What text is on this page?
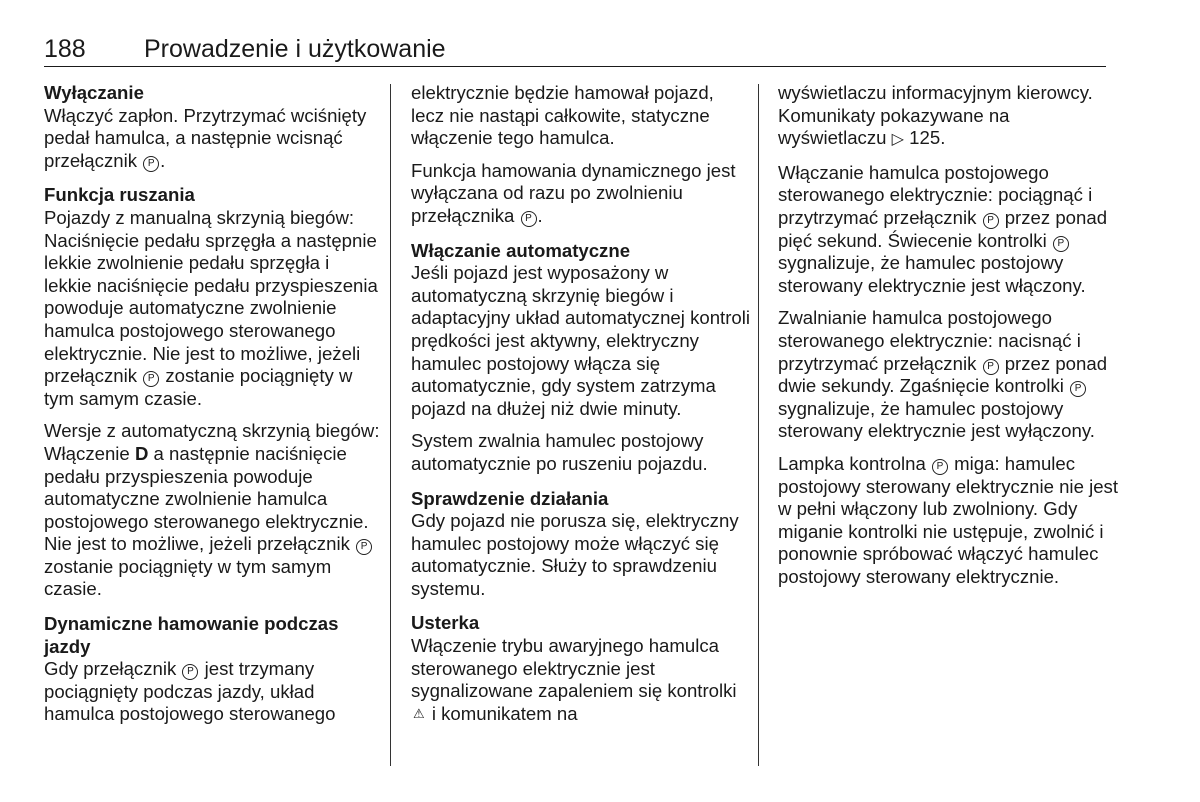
188 Prowadzenie i użytkowanie
Wyłączanie

Włączyć zapłon. Przytrzymać wciśnięty pedał hamulca, a następnie wcisnąć przełącznik P .

Funkcja ruszania

Pojazdy z manualną skrzynią biegów: Naciśnięcie pedału sprzęgła a następnie lekkie zwolnienie pedału sprzęgła i lekkie naciśnięcie pedału przyspieszenia powoduje automatyczne zwolnienie hamulca postojowego sterowanego elektrycznie. Nie jest to możliwe, jeżeli przełącznik P zostanie pociągnięty w tym samym czasie.

Wersje z automatyczną skrzynią biegów: Włączenie D a następnie naciśnięcie pedału przyspieszenia powoduje automatyczne zwolnienie hamulca postojowego sterowanego elektrycznie. Nie jest to możliwe, jeżeli przełącznik P zostanie pociągnięty w tym samym czasie.

Dynamiczne hamowanie podczas jazdy

Gdy przełącznik P jest trzymany pociągnięty podczas jazdy, układ hamulca postojowego sterowanego

elektrycznie będzie hamował pojazd, lecz nie nastąpi całkowite, statyczne włączenie tego hamulca.

Funkcja hamowania dynamicznego jest wyłączana od razu po zwolnieniu przełącznika P .

Włączanie automatyczne

Jeśli pojazd jest wyposażony w automatyczną skrzynię biegów i adaptacyjny układ automatycznej kontroli prędkości jest aktywny, elektryczny hamulec postojowy włącza się automatycznie, gdy system zatrzyma pojazd na dłużej niż dwie minuty.

System zwalnia hamulec postojowy automatycznie po ruszeniu pojazdu.

Sprawdzenie działania

Gdy pojazd nie porusza się, elektryczny hamulec postojowy może włączyć się automatycznie. Służy to sprawdzeniu systemu.

Usterka

Włączenie trybu awaryjnego hamulca sterowanego elektrycznie jest sygnalizowane zapaleniem się kontrolki ⚠ i komunikatem na

wyświetlaczu informacyjnym kierowcy. Komunikaty pokazywane na wyświetlaczu ▷ 125.

Włączanie hamulca postojowego sterowanego elektrycznie: pociągnąć i przytrzymać przełącznik P przez ponad pięć sekund. Świecenie kontrolki P sygnalizuje, że hamulec postojowy sterowany elektrycznie jest włączony.

Zwalnianie hamulca postojowego sterowanego elektrycznie: nacisnąć i przytrzymać przełącznik P przez ponad dwie sekundy. Zgaśnięcie kontrolki P sygnalizuje, że hamulec postojowy sterowany elektrycznie jest wyłączony.

Lampka kontrolna P miga: hamulec postojowy sterowany elektrycznie nie jest w pełni włączony lub zwolniony. Gdy miganie kontrolki nie ustępuje, zwolnić i ponownie spróbować włączyć hamulec postojowy sterowany elektrycznie.
